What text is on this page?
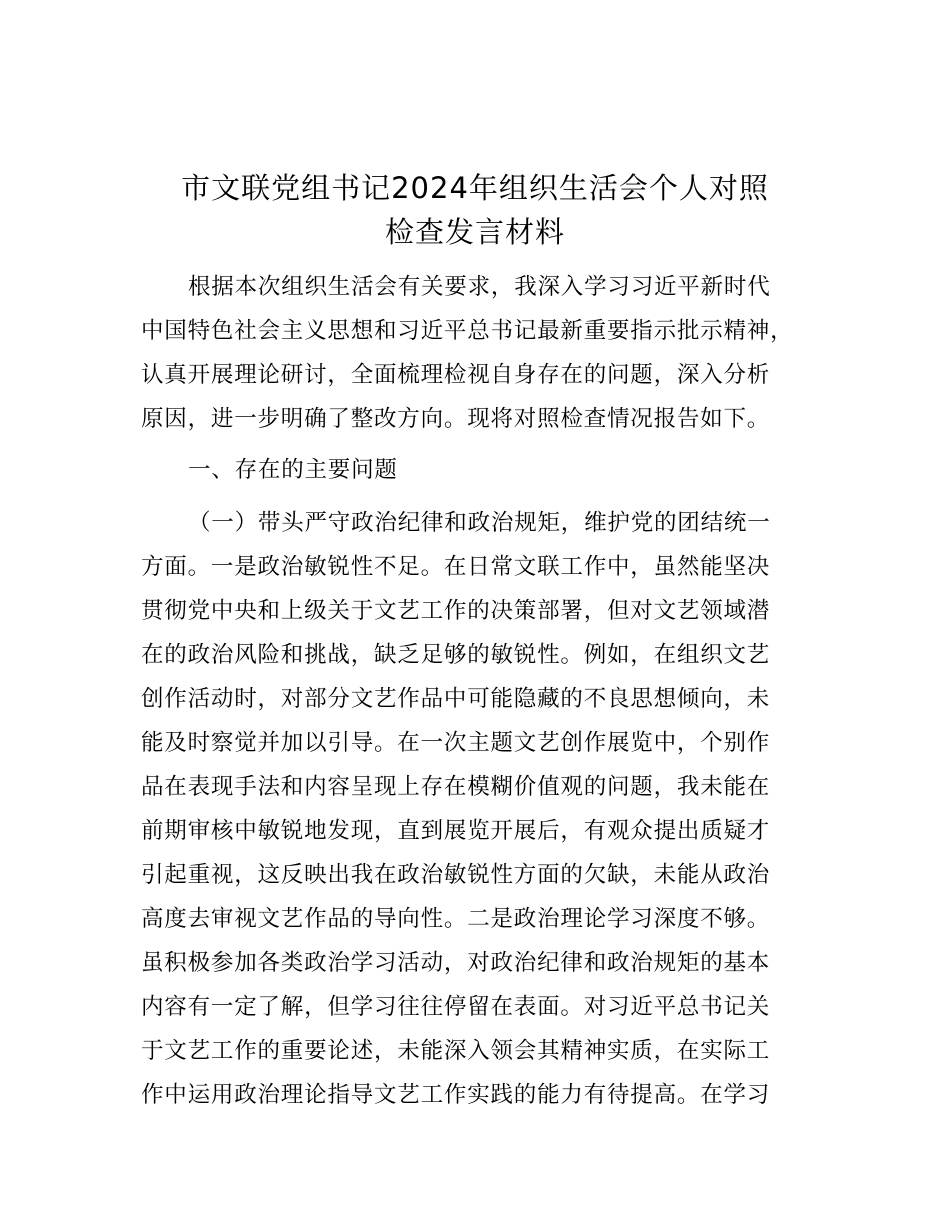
市文联党组书记2024年组织生活会个人对照
检查发言材料
根据本次组织生活会有关要求，我深入学习习近平新时代
中国特色社会主义思想和习近平总书记最新重要指示批示精神，
认真开展理论研讨，全面梳理检视自身存在的问题，深入分析
原因，进一步明确了整改方向。现将对照检查情况报告如下。
一、存在的主要问题
（一）带头严守政治纪律和政治规矩，维护党的团结统一
方面。一是政治敏锐性不足。在日常文联工作中，虽然能坚决
贯彻党中央和上级关于文艺工作的决策部署，但对文艺领域潜
在的政治风险和挑战，缺乏足够的敏锐性。例如，在组织文艺
创作活动时，对部分文艺作品中可能隐藏的不良思想倾向，未
能及时察觉并加以引导。在一次主题文艺创作展览中，个别作
品在表现手法和内容呈现上存在模糊价值观的问题，我未能在
前期审核中敏锐地发现，直到展览开展后，有观众提出质疑才
引起重视，这反映出我在政治敏锐性方面的欠缺，未能从政治
高度去审视文艺作品的导向性。二是政治理论学习深度不够。
虽积极参加各类政治学习活动，对政治纪律和政治规矩的基本
内容有一定了解，但学习往往停留在表面。对习近平总书记关
于文艺工作的重要论述，未能深入领会其精神实质，在实际工
作中运用政治理论指导文艺工作实践的能力有待提高。在学习
